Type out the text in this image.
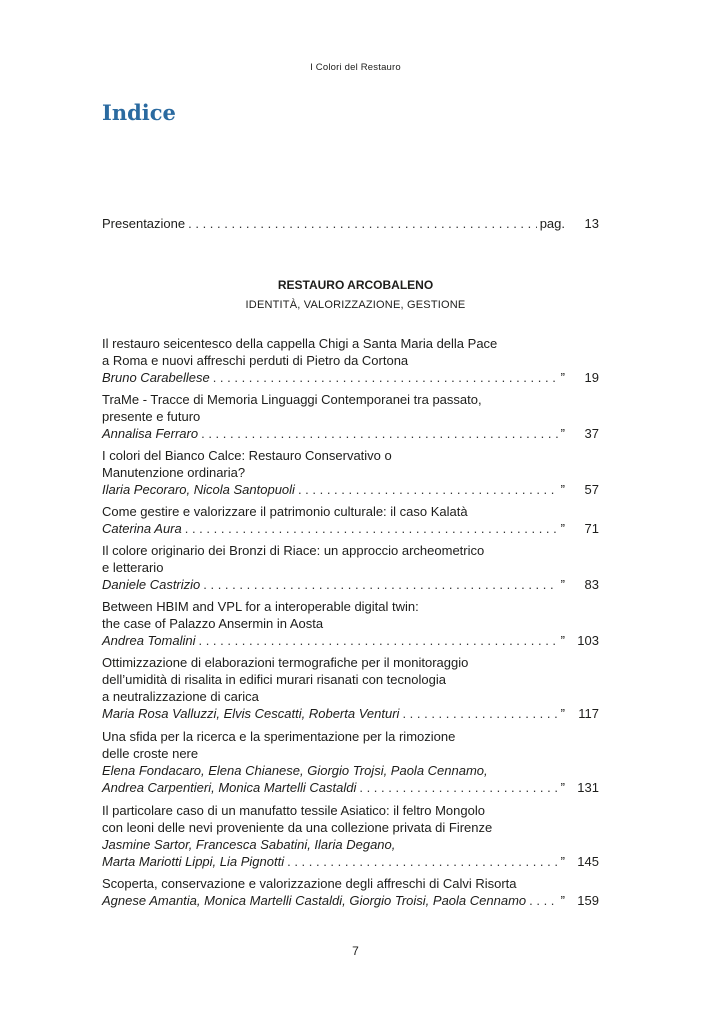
I Colori del Restauro
Indice
Presentazione . . .	pag.	13
RESTAURO ARCOBALENO
IDENTITÀ, VALORIZZAZIONE, GESTIONE
Il restauro seicentesco della cappella Chigi a Santa Maria della Pace
a Roma e nuovi affreschi perduti di Pietro da Cortona
Bruno Carabellese . . .	”	19
TraMe - Tracce di Memoria Linguaggi Contemporanei tra passato,
presente e futuro
Annalisa Ferraro . . .	”	37
I colori del Bianco Calce: Restauro Conservativo o
Manutenzione ordinaria?
Ilaria Pecoraro, Nicola Santopuoli . . .	”	57
Come gestire e valorizzare il patrimonio culturale: il caso Kalatà
Caterina Aura . . .	”	71
Il colore originario dei Bronzi di Riace: un approccio archeometrico
e letterario
Daniele Castrizio . . .	”	83
Between HBIM and VPL for a interoperable digital twin:
the case of Palazzo Ansermin in Aosta
Andrea Tomalini . . .	” 103
Ottimizzazione di elaborazioni termografiche per il monitoraggio
dell’umidità di risalita in edifici murari risanati con tecnologia
a neutralizzazione di carica
Maria Rosa Valluzzi, Elvis Cescatti, Roberta Venturi . . .	”	117
Una sfida per la ricerca e la sperimentazione per la rimozione
delle croste nere
Elena Fondacaro, Elena Chianese, Giorgio Trojsi, Paola Cennamo,
Andrea Carpentieri, Monica Martelli Castaldi . . .	” 131
Il particolare caso di un manufatto tessile Asiatico: il feltro Mongolo
con leoni delle nevi proveniente da una collezione privata di Firenze
Jasmine Sartor, Francesca Sabatini, Ilaria Degano,
Marta Mariotti Lippi, Lia Pignotti . . .	” 145
Scoperta, conservazione e valorizzazione degli affreschi di Calvi Risorta
Agnese Amantia, Monica Martelli Castaldi, Giorgio Troisi, Paola Cennamo . . .	” 159
7
